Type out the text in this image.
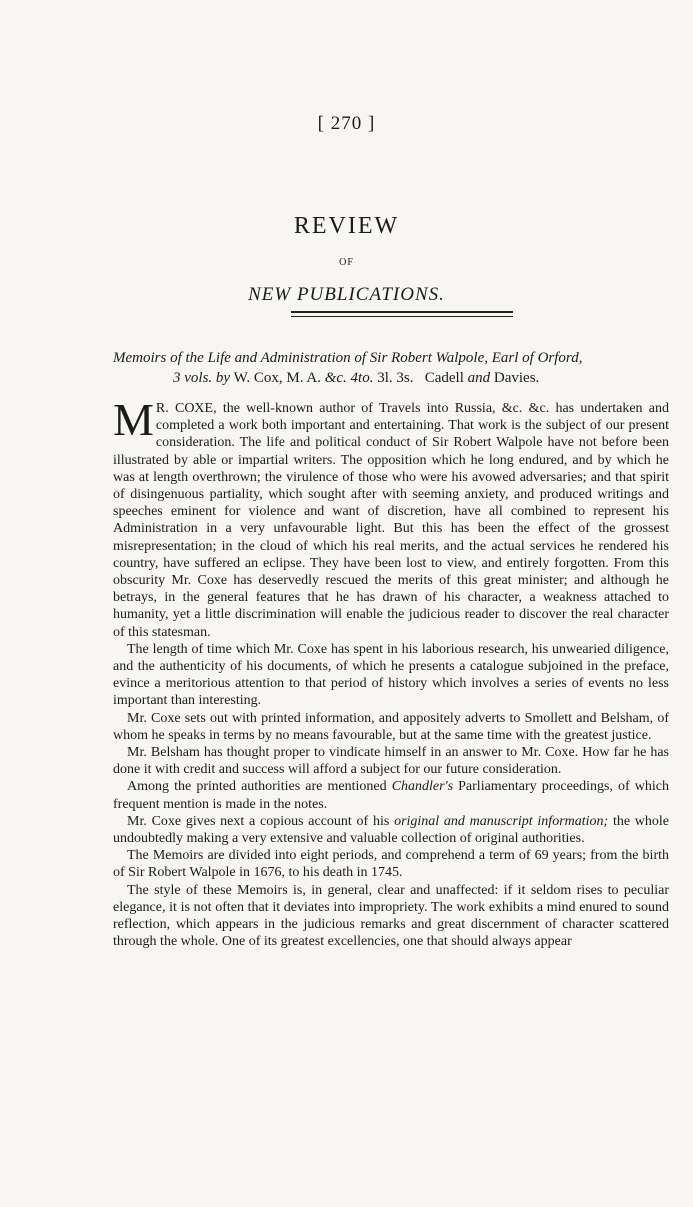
[ 270 ]
REVIEW
OF
NEW PUBLICATIONS.
Memoirs of the Life and Administration of Sir Robert Walpole, Earl of Orford,
3 vols. by W. Cox, M. A. &c. 4to. 3l. 3s. Cadell and Davies.

M R. COXE, the well-known author of Travels into Russia, &c. &c. has undertaken and completed a work both important and entertaining. That work is the subject of our present consideration. The life and political conduct of Sir Robert Walpole have not before been illustrated by able or impartial writers. The opposition which he long endured, and by which he was at length overthrown; the virulence of those who were his avowed adversaries; and that spirit of disingenuous partiality, which sought after with seeming anxiety, and produced writings and speeches eminent for violence and want of discretion, have all combined to represent his Administration in a very unfavourable light. But this has been the effect of the grossest misrepresentation; in the cloud of which his real merits, and the actual services he rendered his country, have suffered an eclipse. They have been lost to view, and entirely forgotten. From this obscurity Mr. Coxe has deservedly rescued the merits of this great minister; and although he betrays, in the general features that he has drawn of his character, a weakness attached to humanity, yet a little discrimination will enable the judicious reader to discover the real character of this statesman.

The length of time which Mr. Coxe has spent in his laborious research, his unwearied diligence, and the authenticity of his documents, of which he presents a catalogue subjoined in the preface, evince a meritorious attention to that period of history which involves a series of events no less important than interesting.

Mr. Coxe sets out with printed information, and appositely adverts to Smollett and Belsham, of whom he speaks in terms by no means favourable, but at the same time with the greatest justice.

Mr. Belsham has thought proper to vindicate himself in an answer to Mr. Coxe. How far he has done it with credit and success will afford a subject for our future consideration.

Among the printed authorities are mentioned Chandler's Parliamentary proceedings, of which frequent mention is made in the notes.

Mr. Coxe gives next a copious account of his original and manuscript information; the whole undoubtedly making a very extensive and valuable collection of original authorities.

The Memoirs are divided into eight periods, and comprehend a term of 69 years; from the birth of Sir Robert Walpole in 1676, to his death in 1745.

The style of these Memoirs is, in general, clear and unaffected: if it seldom rises to peculiar elegance, it is not often that it deviates into impropriety. The work exhibits a mind enured to sound reflection, which appears in the judicious remarks and great discernment of character scattered through the whole. One of its greatest excellencies, one that should always appear
